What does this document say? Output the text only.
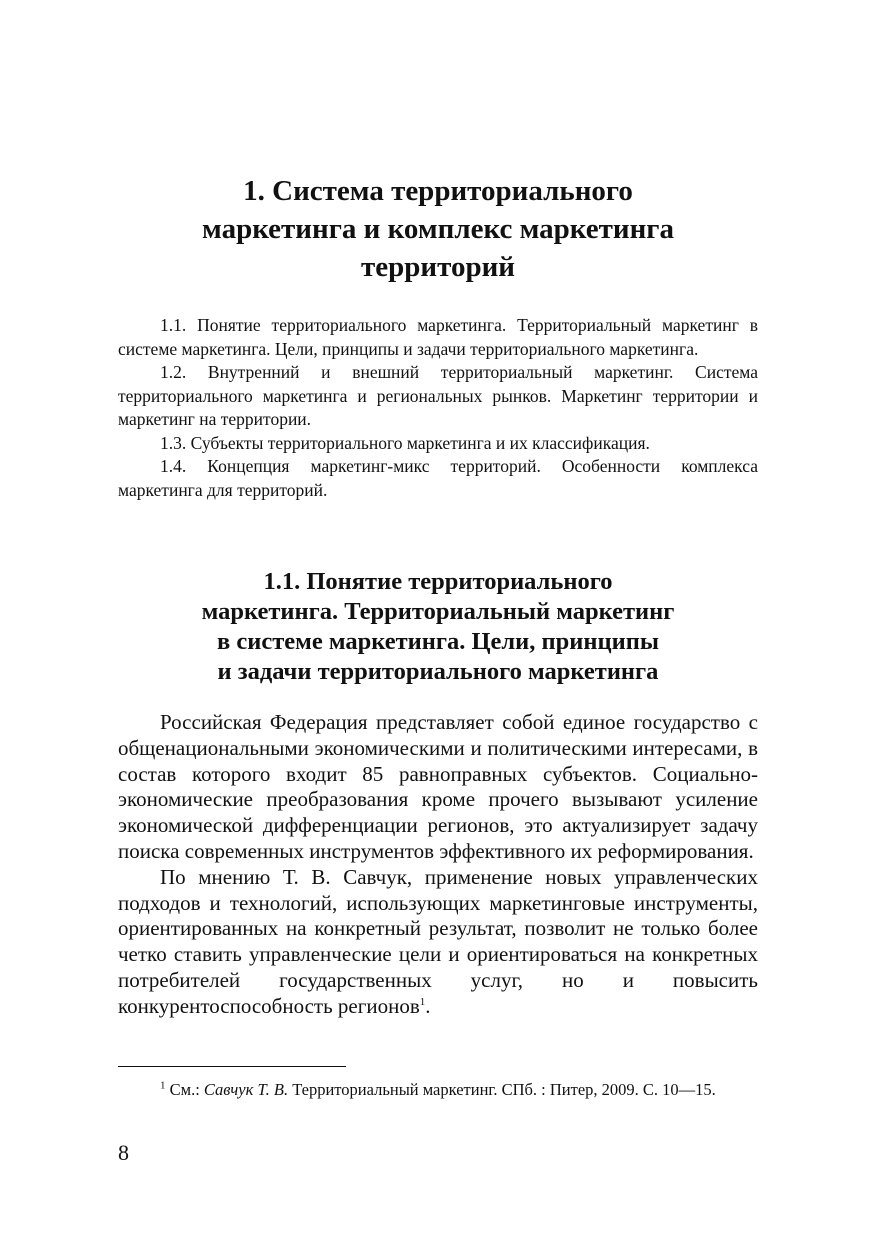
1. Система территориального
маркетинга и комплекс маркетинга
территорий

1.1. Понятие территориального маркетинга. Территориальный маркетинг в системе маркетинга. Цели, принципы и задачи территориального маркетинга.

1.2. Внутренний и внешний территориальный маркетинг. Система территориального маркетинга и региональных рынков. Маркетинг территории и маркетинг на территории.

1.3. Субъекты территориального маркетинга и их классификация.

1.4. Концепция маркетинг-микс территорий. Особенности комплекса маркетинга для территорий.

1.1. Понятие территориального
маркетинга. Территориальный маркетинг
в системе маркетинга. Цели, принципы
и задачи территориального маркетинга

Российская Федерация представляет собой единое государство с общенациональными экономическими и политическими интересами, в состав которого входит 85 равноправных субъектов. Социально-экономические преобразования кроме прочего вызывают усиление экономической дифференциации регионов, это актуализирует задачу поиска современных инструментов эффективного их реформирования.

По мнению Т. В. Савчук, применение новых управленческих подходов и технологий, использующих маркетинговые инструменты, ориентированных на конкретный результат, позволит не только более четко ставить управленческие цели и ориентироваться на конкретных потребителей государственных услуг, но и повысить конкурентоспособность регионов$^1$.

$^1$ См.: Савчук Т. В. Территориальный маркетинг. СПб. : Питер, 2009. С. 10—15.

8
